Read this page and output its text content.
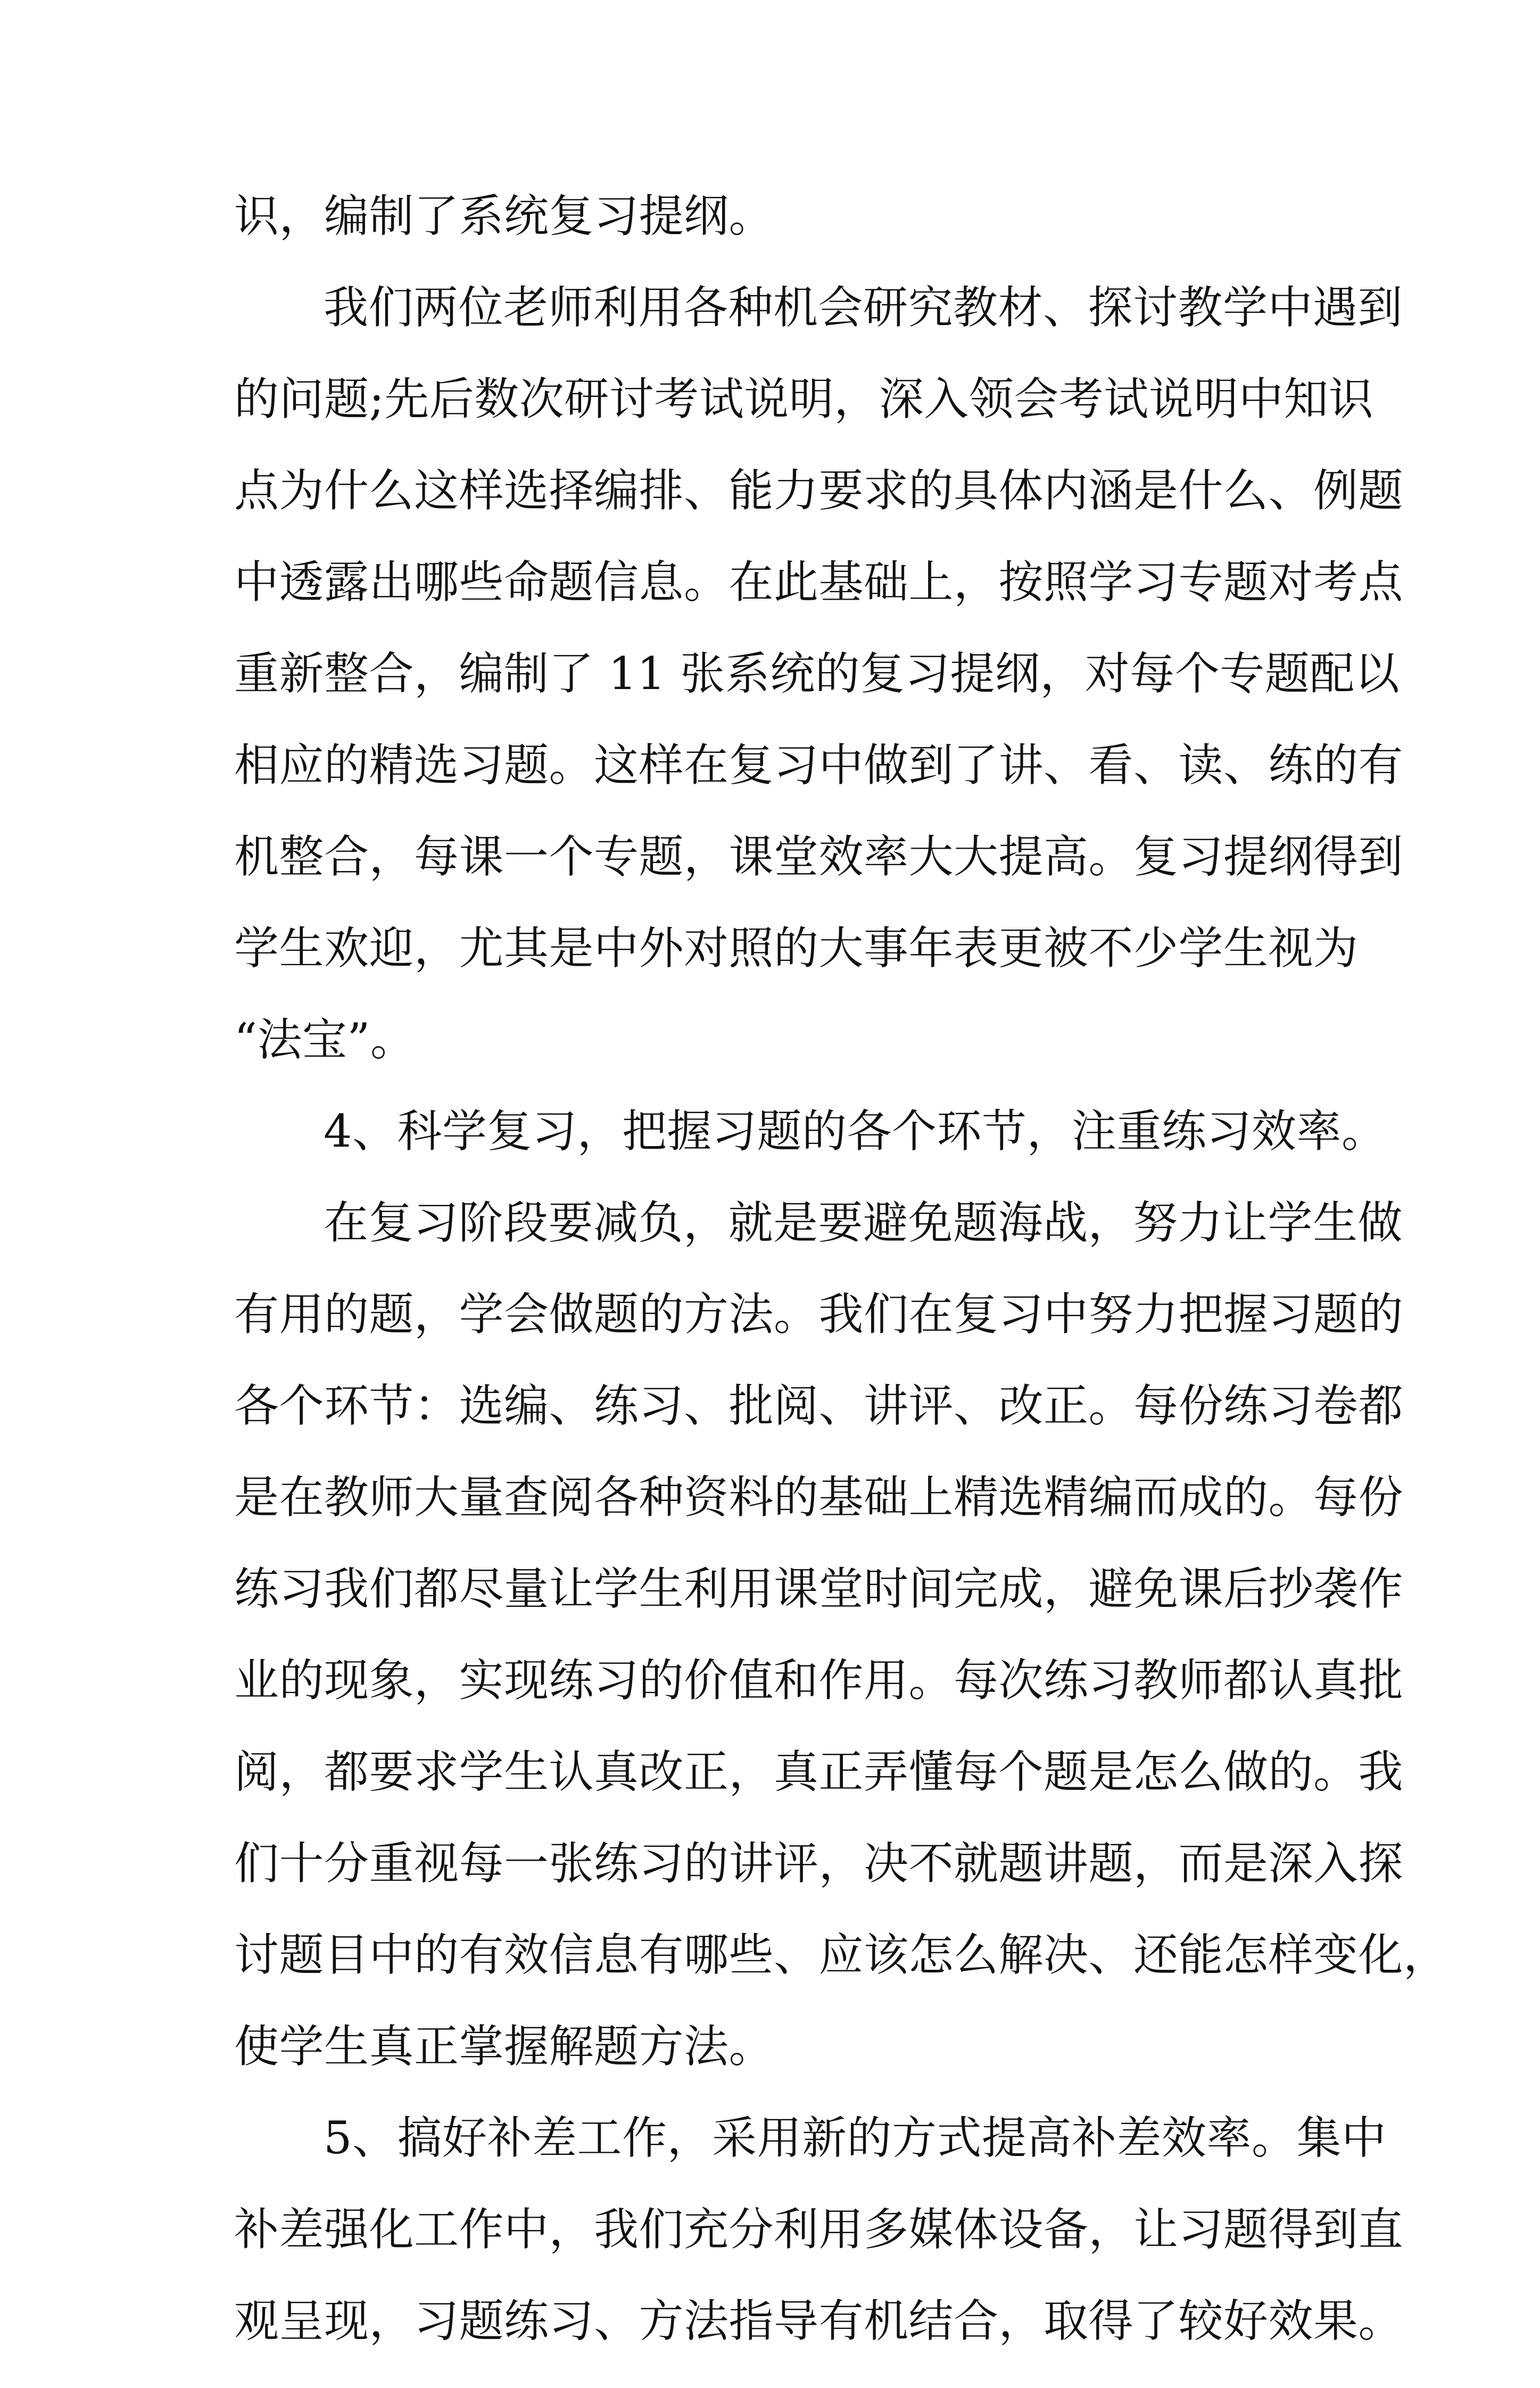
识，编制了系统复习提纲。
我们两位老师利用各种机会研究教材、探讨教学中遇到
的问题;先后数次研讨考试说明，深入领会考试说明中知识
点为什么这样选择编排、能力要求的具体内涵是什么、例题
中透露出哪些命题信息。在此基础上，按照学习专题对考点
重新整合，编制了 11 张系统的复习提纲，对每个专题配以
相应的精选习题。这样在复习中做到了讲、看、读、练的有
机整合，每课一个专题，课堂效率大大提高。复习提纲得到
学生欢迎，尤其是中外对照的大事年表更被不少学生视为
“法宝”。
4、科学复习，把握习题的各个环节，注重练习效率。
在复习阶段要减负，就是要避免题海战，努力让学生做
有用的题，学会做题的方法。我们在复习中努力把握习题的
各个环节：选编、练习、批阅、讲评、改正。每份练习卷都
是在教师大量查阅各种资料的基础上精选精编而成的。每份
练习我们都尽量让学生利用课堂时间完成，避免课后抄袭作
业的现象，实现练习的价值和作用。每次练习教师都认真批
阅，都要求学生认真改正，真正弄懂每个题是怎么做的。我
们十分重视每一张练习的讲评，决不就题讲题，而是深入探
讨题目中的有效信息有哪些、应该怎么解决、还能怎样变化，
使学生真正掌握解题方法。
5、搞好补差工作，采用新的方式提高补差效率。集中
补差强化工作中，我们充分利用多媒体设备，让习题得到直
观呈现，习题练习、方法指导有机结合，取得了较好效果。
